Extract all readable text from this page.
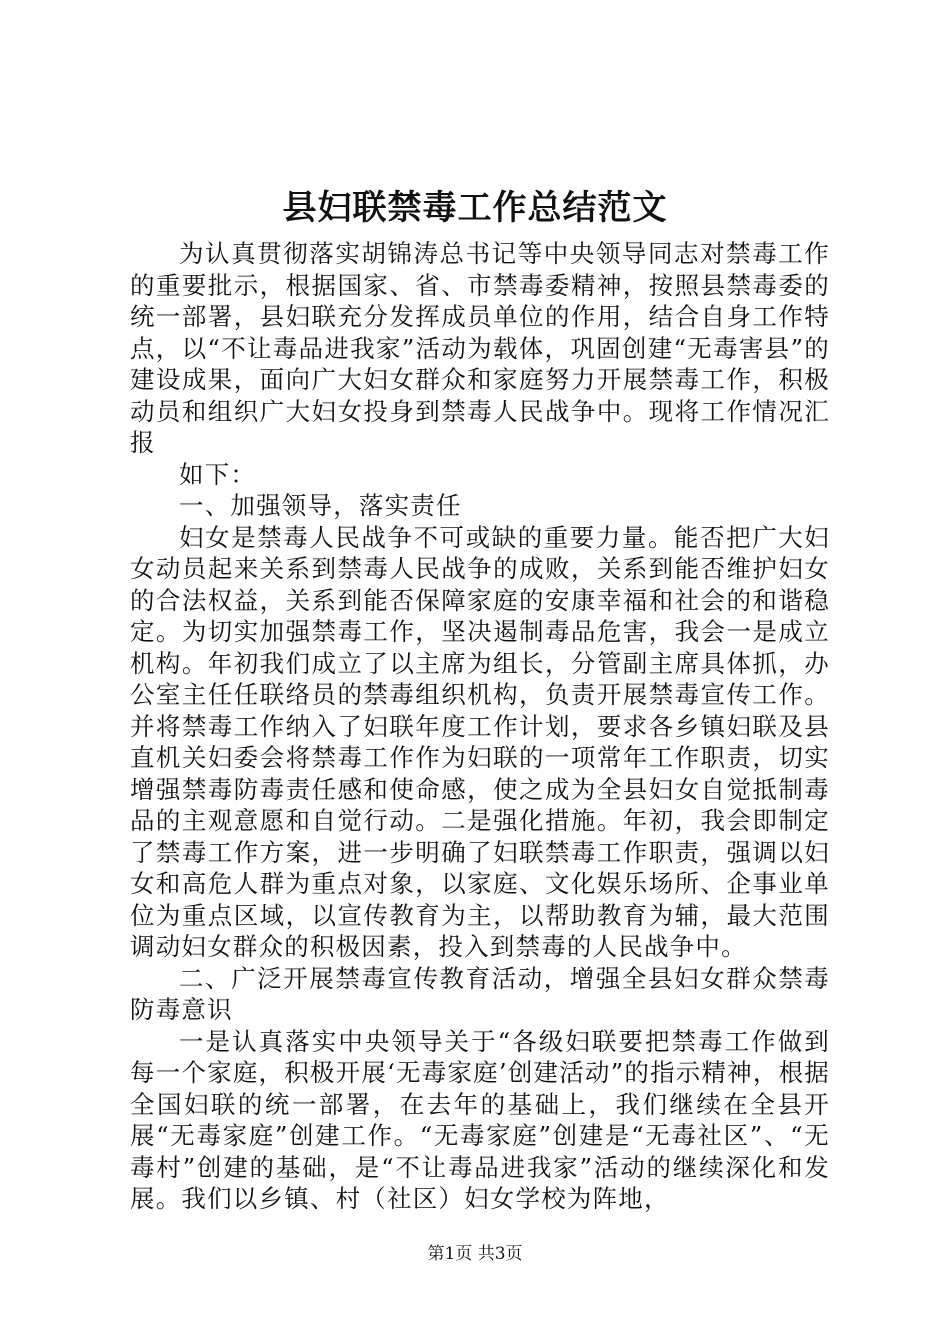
县妇联禁毒工作总结范文

为认真贯彻落实胡锦涛总书记等中央领导同志对禁毒工作的重要批示，根据国家、省、市禁毒委精神，按照县禁毒委的统一部署，县妇联充分发挥成员单位的作用，结合自身工作特点，以“不让毒品进我家”活动为载体，巩固创建“无毒害县”的建设成果，面向广大妇女群众和家庭努力开展禁毒工作，积极动员和组织广大妇女投身到禁毒人民战争中。现将工作情况汇报

如下：

一、加强领导，落实责任

妇女是禁毒人民战争不可或缺的重要力量。能否把广大妇女动员起来关系到禁毒人民战争的成败，关系到能否维护妇女的合法权益，关系到能否保障家庭的安康幸福和社会的和谐稳定。为切实加强禁毒工作，坚决遏制毒品危害，我会一是成立机构。年初我们成立了以主席为组长，分管副主席具体抓，办公室主任任联络员的禁毒组织机构，负责开展禁毒宣传工作。并将禁毒工作纳入了妇联年度工作计划，要求各乡镇妇联及县直机关妇委会将禁毒工作作为妇联的一项常年工作职责，切实增强禁毒防毒责任感和使命感，使之成为全县妇女自觉抵制毒品的主观意愿和自觉行动。二是强化措施。年初，我会即制定了禁毒工作方案，进一步明确了妇联禁毒工作职责，强调以妇女和高危人群为重点对象，以家庭、文化娱乐场所、企事业单位为重点区域，以宣传教育为主，以帮助教育为辅，最大范围调动妇女群众的积极因素，投入到禁毒的人民战争中。

二、广泛开展禁毒宣传教育活动，增强全县妇女群众禁毒防毒意识

一是认真落实中央领导关于“各级妇联要把禁毒工作做到每一个家庭，积极开展‘无毒家庭’创建活动”的指示精神，根据全国妇联的统一部署，在去年的基础上，我们继续在全县开展“无毒家庭”创建工作。“无毒家庭”创建是“无毒社区”、“无毒村”创建的基础，是“不让毒品进我家”活动的继续深化和发展。我们以乡镇、村（社区）妇女学校为阵地，

第1页 共3页
